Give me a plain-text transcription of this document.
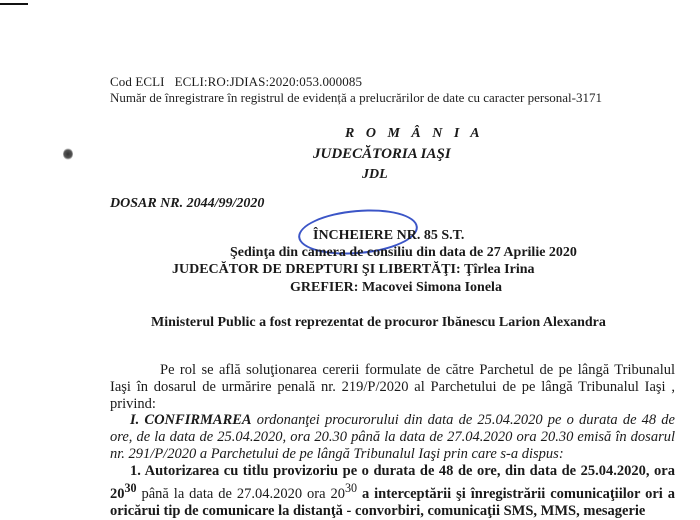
Cod ECLI ECLI:RO:JDIAS:2020:053.000085
Număr de înregistrare în registrul de evidență a prelucrărilor de date cu caracter personal-3171
R O M Â N I A
JUDECĂTORIA IAŞI
JDL
DOSAR NR. 2044/99/2020
ÎNCHEIERE NR. 85 S.T.
Şedinţa din camera de consiliu din data de 27 Aprilie 2020
JUDECĂTOR DE DREPTURI ŞI LIBERTĂŢI: Ţîrlea Irina
GREFIER: Macovei Simona Ionela
Ministerul Public a fost reprezentat de procuror Ibănescu Larion Alexandra
Pe rol se află soluţionarea cererii formulate de către Parchetul de pe lângă Tribunalul Iaşi în dosarul de urmărire penală nr. 219/P/2020 al Parchetului de pe lângă Tribunalul Iaşi , privind:
I. CONFIRMAREA ordonanţei procurorului din data de 25.04.2020 pe o durata de 48 de ore, de la data de 25.04.2020, ora 20.30 până la data de 27.04.2020 ora 20.30 emisă în dosarul nr. 291/P/2020 a Parchetului de pe lângă Tribunalul Iaşi prin care s-a dispus:
1. Autorizarea cu titlu provizoriu pe o durata de 48 de ore, din data de 25.04.2020, ora $20^{30}$ până la data de 27.04.2020 ora $20^{30}$ a interceptării şi înregistrării comunicaţiilor ori a oricărui tip de comunicare la distanţă - convorbiri, comunicaţii SMS, MMS, mesagerie
